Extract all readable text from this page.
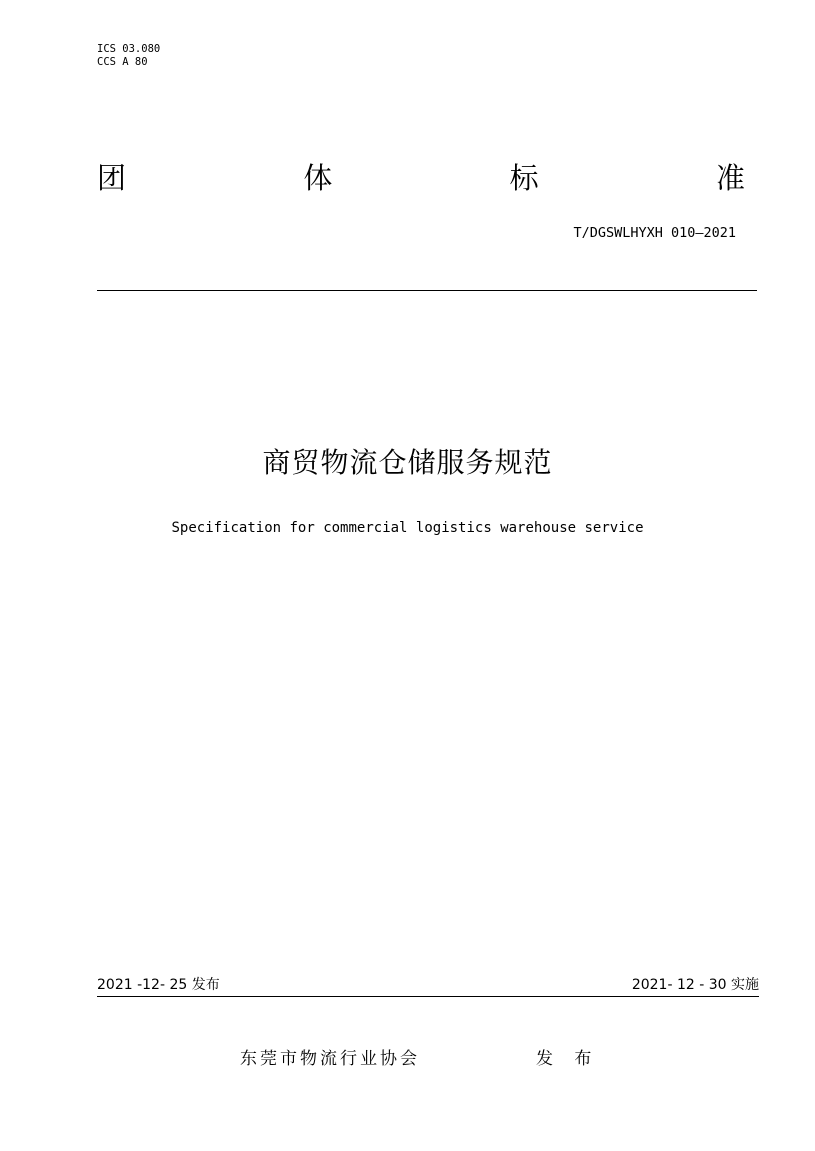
ICS 03.080
CCS A 80
团	体	标	准
T/DGSWLHYXH 010—2021
商贸物流仓储服务规范
Specification for commercial logistics warehouse service
2021 -12- 25 发布	2021- 12 - 30 实施
东莞市物流行业协会	发 布
